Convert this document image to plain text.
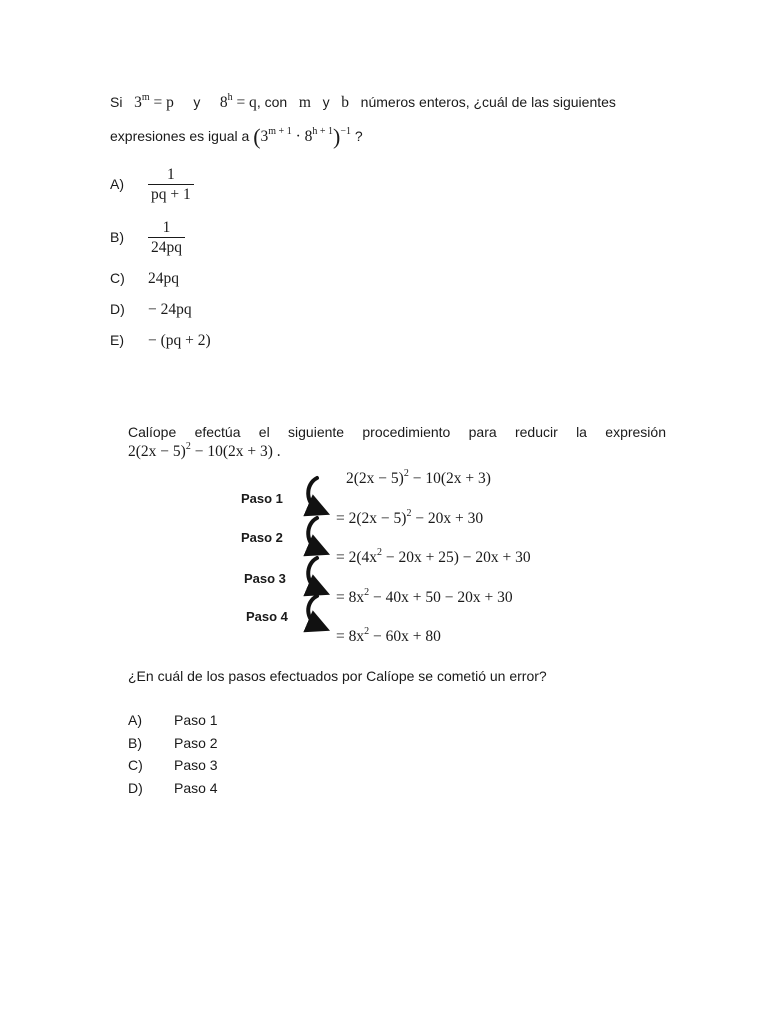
Si $3^m = p$ y $8^h = q$, con m y b números enteros, ¿cuál de las siguientes
expresiones es igual a $(3^{m + 1} \cdot 8^{h + 1})^{-1}$ ?
$A) \frac{1}{pq + 1}$
$B) \frac{1}{24pq}$
C) 24pq
D) − 24pq
E) − (pq + 2)
Calíope efectúa el siguiente procedimiento para reducir la expresión
$2(2x - 5)^2 - 10(2x + 3)$ .
Paso 1
Paso 2
Paso 3
Paso 4
$2(2x - 5)^2 - 10(2x + 3)$
= $2(2x - 5)^2 - 20x + 30$
= $2(4x^2 - 20x + 25) - 20x + 30$
= $8x^2 - 40x + 50 - 20x + 30$
= $8x^2 - 60x + 80$
¿En cuál de los pasos efectuados por Calíope se cometió un error?
A) Paso 1
B) Paso 2
C) Paso 3
D) Paso 4
